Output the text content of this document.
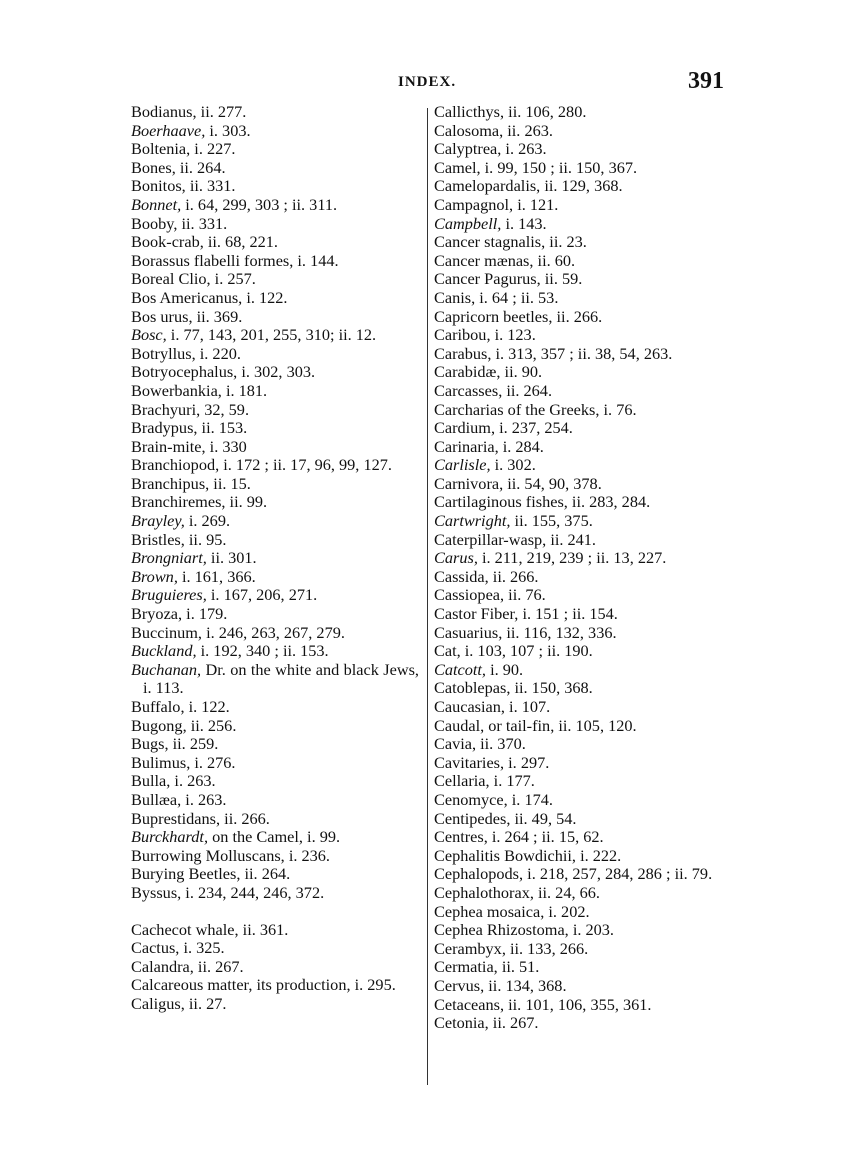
INDEX.	391
Bodianus, ii. 277.
Boerhaave, i. 303.
Boltenia, i. 227.
Bones, ii. 264.
Bonitos, ii. 331.
Bonnet, i. 64, 299, 303 ; ii. 311.
Booby, ii. 331.
Book-crab, ii. 68, 221.
Borassus flabelli formes, i. 144.
Boreal Clio, i. 257.
Bos Americanus, i. 122.
Bos urus, ii. 369.
Bosc, i. 77, 143, 201, 255, 310; ii. 12.
Botryllus, i. 220.
Botryocephalus, i. 302, 303.
Bowerbankia, i. 181.
Brachyuri, 32, 59.
Bradypus, ii. 153.
Brain-mite, i. 330
Branchiopod, i. 172 ; ii. 17, 96, 99, 127.
Branchipus, ii. 15.
Branchiremes, ii. 99.
Brayley, i. 269.
Bristles, ii. 95.
Brongniart, ii. 301.
Brown, i. 161, 366.
Bruguieres, i. 167, 206, 271.
Bryoza, i. 179.
Buccinum, i. 246, 263, 267, 279.
Buckland, i. 192, 340 ; ii. 153.
Buchanan, Dr. on the white and black Jews, i. 113.
Buffalo, i. 122.
Bugong, ii. 256.
Bugs, ii. 259.
Bulimus, i. 276.
Bulla, i. 263.
Bullæa, i. 263.
Buprestidans, ii. 266.
Burckhardt, on the Camel, i. 99.
Burrowing Molluscans, i. 236.
Burying Beetles, ii. 264.
Byssus, i. 234, 244, 246, 372.
Cachecot whale, ii. 361.
Cactus, i. 325.
Calandra, ii. 267.
Calcareous matter, its production, i. 295.
Caligus, ii. 27.
Callicthys, ii. 106, 280.
Calosoma, ii. 263.
Calyptrea, i. 263.
Camel, i. 99, 150 ; ii. 150, 367.
Camelopardalis, ii. 129, 368.
Campagnol, i. 121.
Campbell, i. 143.
Cancer stagnalis, ii. 23.
Cancer mænas, ii. 60.
Cancer Pagurus, ii. 59.
Canis, i. 64 ; ii. 53.
Capricorn beetles, ii. 266.
Caribou, i. 123.
Carabus, i. 313, 357 ; ii. 38, 54, 263.
Carabidæ, ii. 90.
Carcasses, ii. 264.
Carcharias of the Greeks, i. 76.
Cardium, i. 237, 254.
Carinaria, i. 284.
Carlisle, i. 302.
Carnivora, ii. 54, 90, 378.
Cartilaginous fishes, ii. 283, 284.
Cartwright, ii. 155, 375.
Caterpillar-wasp, ii. 241.
Carus, i. 211, 219, 239 ; ii. 13, 227.
Cassida, ii. 266.
Cassiopea, ii. 76.
Castor Fiber, i. 151 ; ii. 154.
Casuarius, ii. 116, 132, 336.
Cat, i. 103, 107 ; ii. 190.
Catcott, i. 90.
Catoblepas, ii. 150, 368.
Caucasian, i. 107.
Caudal, or tail-fin, ii. 105, 120.
Cavia, ii. 370.
Cavitaries, i. 297.
Cellaria, i. 177.
Cenomyce, i. 174.
Centipedes, ii. 49, 54.
Centres, i. 264 ; ii. 15, 62.
Cephalitis Bowdichii, i. 222.
Cephalopods, i. 218, 257, 284, 286 ; ii. 79.
Cephalothorax, ii. 24, 66.
Cephea mosaica, i. 202.
Cephea Rhizostoma, i. 203.
Cerambyx, ii. 133, 266.
Cermatia, ii. 51.
Cervus, ii. 134, 368.
Cetaceans, ii. 101, 106, 355, 361.
Cetonia, ii. 267.
